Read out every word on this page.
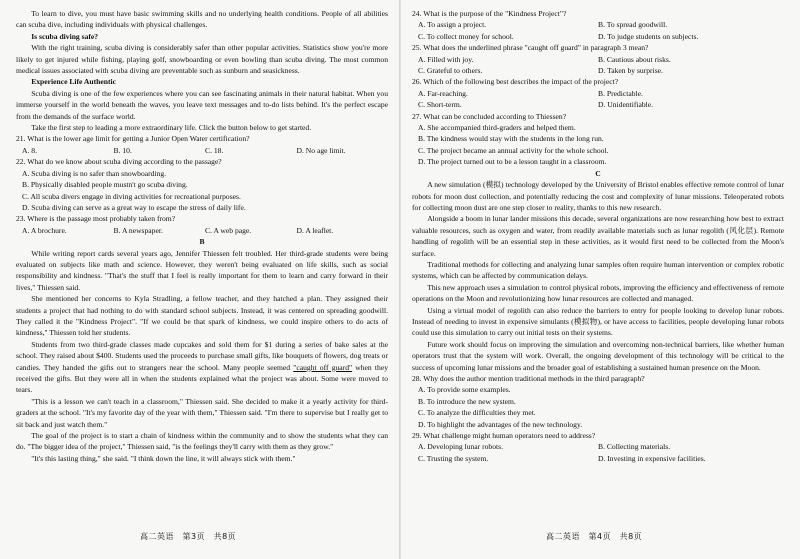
To learn to dive, you must have basic swimming skills and no underlying health conditions. People of all abilities can scuba dive, including individuals with physical challenges.

Is scuba diving safe?

With the right training, scuba diving is considerably safer than other popular activities. Statistics show you're more likely to get injured while fishing, playing golf, snowboarding or even bowling than scuba diving. The most common medical issues associated with scuba diving are preventable such as sunburn and seasickness.

Experience Life Authentic

Scuba diving is one of the few experiences where you can see fascinating animals in their natural habitat. When you immerse yourself in the world beneath the waves, you leave text messages and to-do lists behind. It's the perfect escape from the demands of the surface world.

Take the first step to leading a more extraordinary life. Click the button below to get started.

21. What is the lower age limit for getting a Junior Open Water certification?
A. 8.	B. 10.	C. 18.	D. No age limit.
22. What do we know about scuba diving according to the passage?
A. Scuba diving is no safer than snowboarding.
B. Physically disabled people mustn't go scuba diving.
C. All scuba divers engage in diving activities for recreational purposes.
D. Scuba diving can serve as a great way to escape the stress of daily life.
23. Where is the passage most probably taken from?
A. A brochure.	B. A newspaper.	C. A web page.	D. A leaflet.

B

While writing report cards several years ago, Jennifer Thiessen felt troubled. Her third-grade students were being evaluated on subjects like math and science. However, they weren't being evaluated on life skills, such as social responsibility and kindness. "That's the stuff that I feel is really important for them to learn and carry forward in their lives," Thiessen said.

She mentioned her concerns to Kyla Stradling, a fellow teacher, and they hatched a plan. They assigned their students a project that had nothing to do with standard school subjects. Instead, it was centered on spreading goodwill. They called it the "Kindness Project". "If we could be that spark of kindness, we could inspire others to do acts of kindness," Thiessen told her students.

Students from two third-grade classes made cupcakes and sold them for $1 during a series of bake sales at the school. They raised about $400. Students used the proceeds to purchase small gifts, like bouquets of flowers, dog treats or candies. They handed the gifts out to strangers near the school. Many people seemed "caught off guard" when they received the gifts. But they were all in when the students explained what the project was about. Some were moved to tears.

"This is a lesson we can't teach in a classroom," Thiessen said. She decided to make it a yearly activity for third-graders at the school. "It's my favorite day of the year with them," Thiessen said. "I'm there to supervise but I really get to sit back and just watch them."

The goal of the project is to start a chain of kindness within the community and to show the students what they can do. "The bigger idea of the project," Thiessen said, "is the feelings they'll carry with them as they grow."

"It's this lasting thing," she said. "I think down the line, it will always stick with them."

高二英语　第3页　共8页
24. What is the purpose of the "Kindness Project"?
A. To assign a project.	B. To spread goodwill.
C. To collect money for school.	D. To judge students on subjects.
25. What does the underlined phrase "caught off guard" in paragraph 3 mean?
A. Filled with joy.	B. Cautious about risks.
C. Grateful to others.	D. Taken by surprise.
26. Which of the following best describes the impact of the project?
A. Far-reaching.	B. Predictable.
C. Short-term.	D. Unidentifiable.
27. What can be concluded according to Thiessen?
A. She accompanied third-graders and helped them.
B. The kindness would stay with the students in the long run.
C. The project became an annual activity for the whole school.
D. The project turned out to be a lesson taught in a classroom.

C

A new simulation (模拟) technology developed by the University of Bristol enables effective remote control of lunar robots for moon dust collection, and potentially reducing the cost and complexity of lunar missions. Teleoperated robots for collecting moon dust are one step closer to reality, thanks to this new research.

Alongside a boom in lunar lander missions this decade, several organizations are now researching how best to extract valuable resources, such as oxygen and water, from readily available materials such as lunar regolith (风化层). Remote handling of regolith will be an essential step in these activities, as it would first need to be collected from the Moon's surface.

Traditional methods for collecting and analyzing lunar samples often require human intervention or complex robotic systems, which can be affected by communication delays.

This new approach uses a simulation to control physical robots, improving the efficiency and effectiveness of remote operations on the Moon and revolutionizing how lunar resources are collected and managed.

Using a virtual model of regolith can also reduce the barriers to entry for people looking to develop lunar robots. Instead of needing to invest in expensive simulants (模拟物), or have access to facilities, people developing lunar robots could use this simulation to carry out initial tests on their systems.

Future work should focus on improving the simulation and overcoming non-technical barriers, like whether human operators trust that the system will work. Overall, the ongoing development of this technology will be critical to the success of upcoming lunar missions and the broader goal of establishing a sustained human presence on the Moon.

28. Why does the author mention traditional methods in the third paragraph?
A. To provide some examples.
B. To introduce the new system.
C. To analyze the difficulties they met.
D. To highlight the advantages of the new technology.
29. What challenge might human operators need to address?
A. Developing lunar robots.	B. Collecting materials.
C. Trusting the system.	D. Investing in expensive facilities.
高二英语　第4页　共8页
